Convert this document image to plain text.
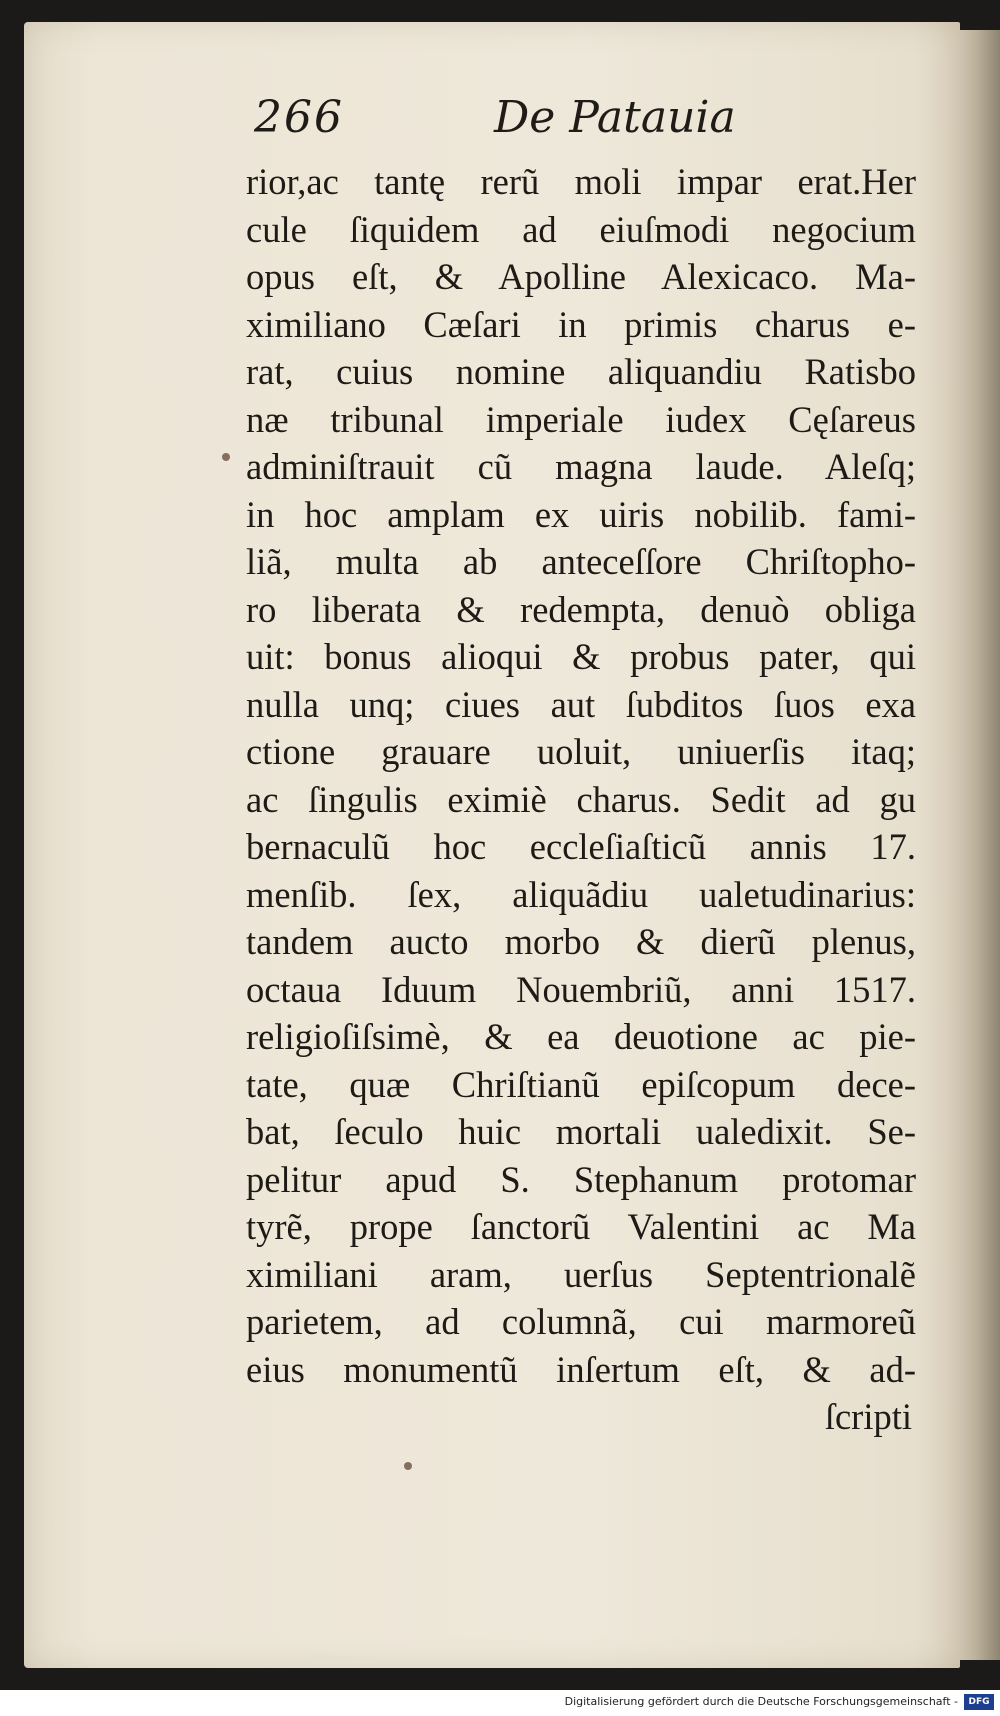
266	De Patauia
rior,ac tantę rerũ moli impar erat.Her
cule ſiquidem ad eiuſmodi negocium
opus eſt, & Apolline Alexicaco. Ma-
ximiliano Cæſari in primis charus e-
rat, cuius nomine aliquandiu Ratisbo
næ tribunal imperiale iudex Cęſareus
adminiſtrauit cũ magna laude. Aleſq;
in hoc amplam ex uiris nobilib. fami-
liã, multa ab anteceſſore Chriſtopho-
ro liberata & redempta, denuò obliga
uit: bonus alioqui & probus pater, qui
nulla unq; ciues aut ſubditos ſuos exa
ctione grauare uoluit, uniuerſis itaq;
ac ſingulis eximiè charus. Sedit ad gu
bernaculũ hoc eccleſiaſticũ annis 17.
menſib. ſex, aliquãdiu ualetudinarius:
tandem aucto morbo & dierũ plenus,
octaua Iduum Nouembriũ, anni 1517.
religioſiſsimè, & ea deuotione ac pie-
tate, quæ Chriſtianũ epiſcopum dece-
bat, ſeculo huic mortali ualedixit. Se-
pelitur apud S. Stephanum protomar
tyrẽ, prope ſanctorũ Valentini ac Ma
ximiliani aram, uerſus Septentrionalẽ
parietem, ad columnã, cui marmoreũ
eius monumentũ inſertum eſt, & ad-
ſcripti
Digitalisierung gefördert durch die Deutsche Forschungsgemeinschaft -	DFG
